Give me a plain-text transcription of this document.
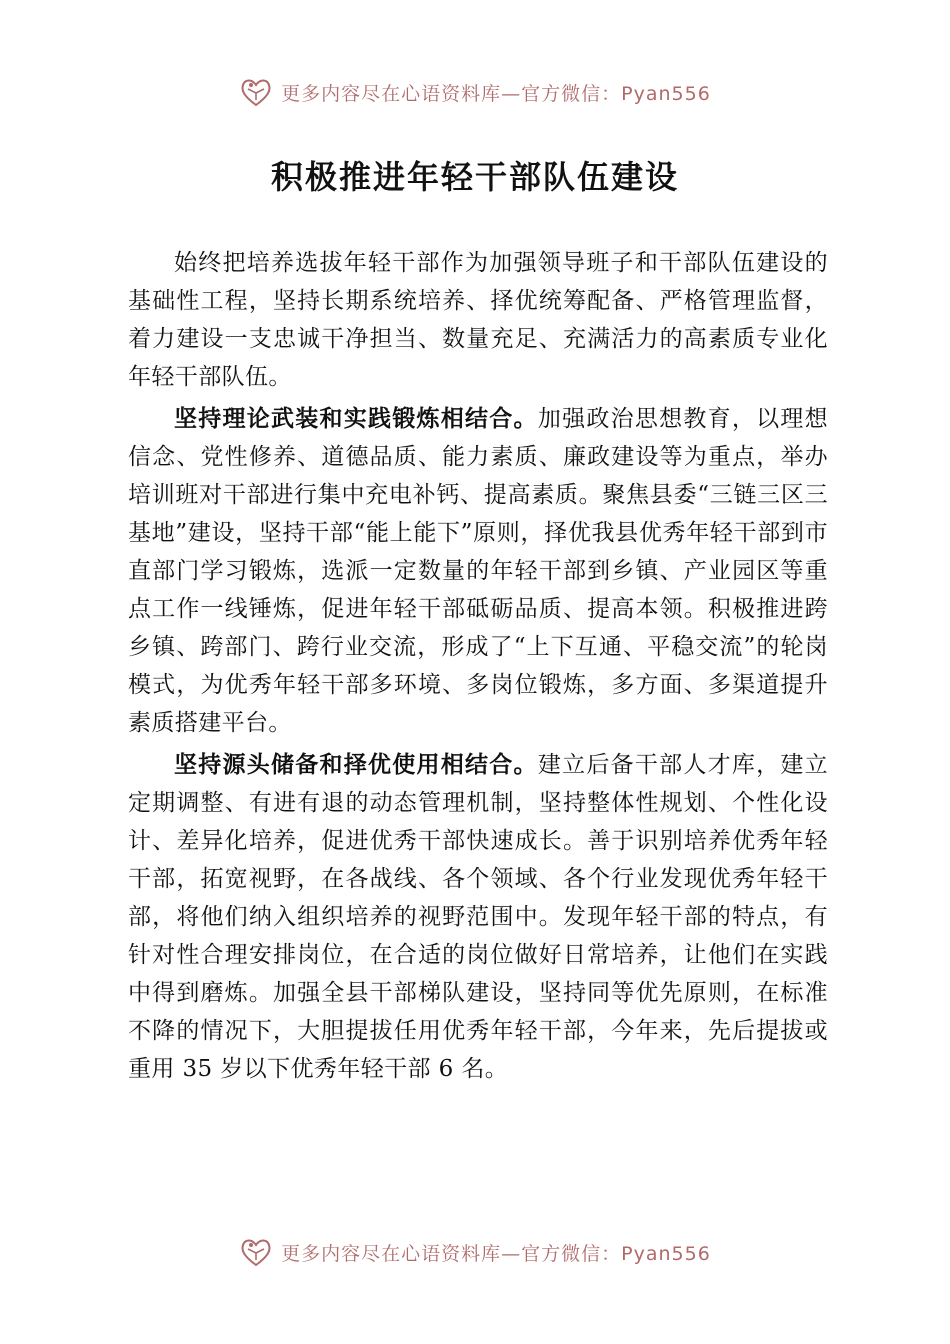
更多内容尽在心语资料库—官方微信：Pyan556
积极推进年轻干部队伍建设

始终把培养选拔年轻干部作为加强领导班子和干部队伍建设的基础性工程，坚持长期系统培养、择优统筹配备、严格管理监督，着力建设一支忠诚干净担当、数量充足、充满活力的高素质专业化年轻干部队伍。

坚持理论武装和实践锻炼相结合。加强政治思想教育，以理想信念、党性修养、道德品质、能力素质、廉政建设等为重点，举办培训班对干部进行集中充电补钙、提高素质。聚焦县委“三链三区三基地”建设，坚持干部“能上能下”原则，择优我县优秀年轻干部到市直部门学习锻炼，选派一定数量的年轻干部到乡镇、产业园区等重点工作一线锤炼，促进年轻干部砥砺品质、提高本领。积极推进跨乡镇、跨部门、跨行业交流，形成了“上下互通、平稳交流”的轮岗模式，为优秀年轻干部多环境、多岗位锻炼，多方面、多渠道提升素质搭建平台。

坚持源头储备和择优使用相结合。建立后备干部人才库，建立定期调整、有进有退的动态管理机制，坚持整体性规划、个性化设计、差异化培养，促进优秀干部快速成长。善于识别培养优秀年轻干部，拓宽视野，在各战线、各个领域、各个行业发现优秀年轻干部，将他们纳入组织培养的视野范围中。发现年轻干部的特点，有针对性合理安排岗位，在合适的岗位做好日常培养，让他们在实践中得到磨炼。加强全县干部梯队建设，坚持同等优先原则，在标准不降的情况下，大胆提拔任用优秀年轻干部，今年来，先后提拔或重用 35 岁以下优秀年轻干部 6 名。

更多内容尽在心语资料库—官方微信：Pyan556
